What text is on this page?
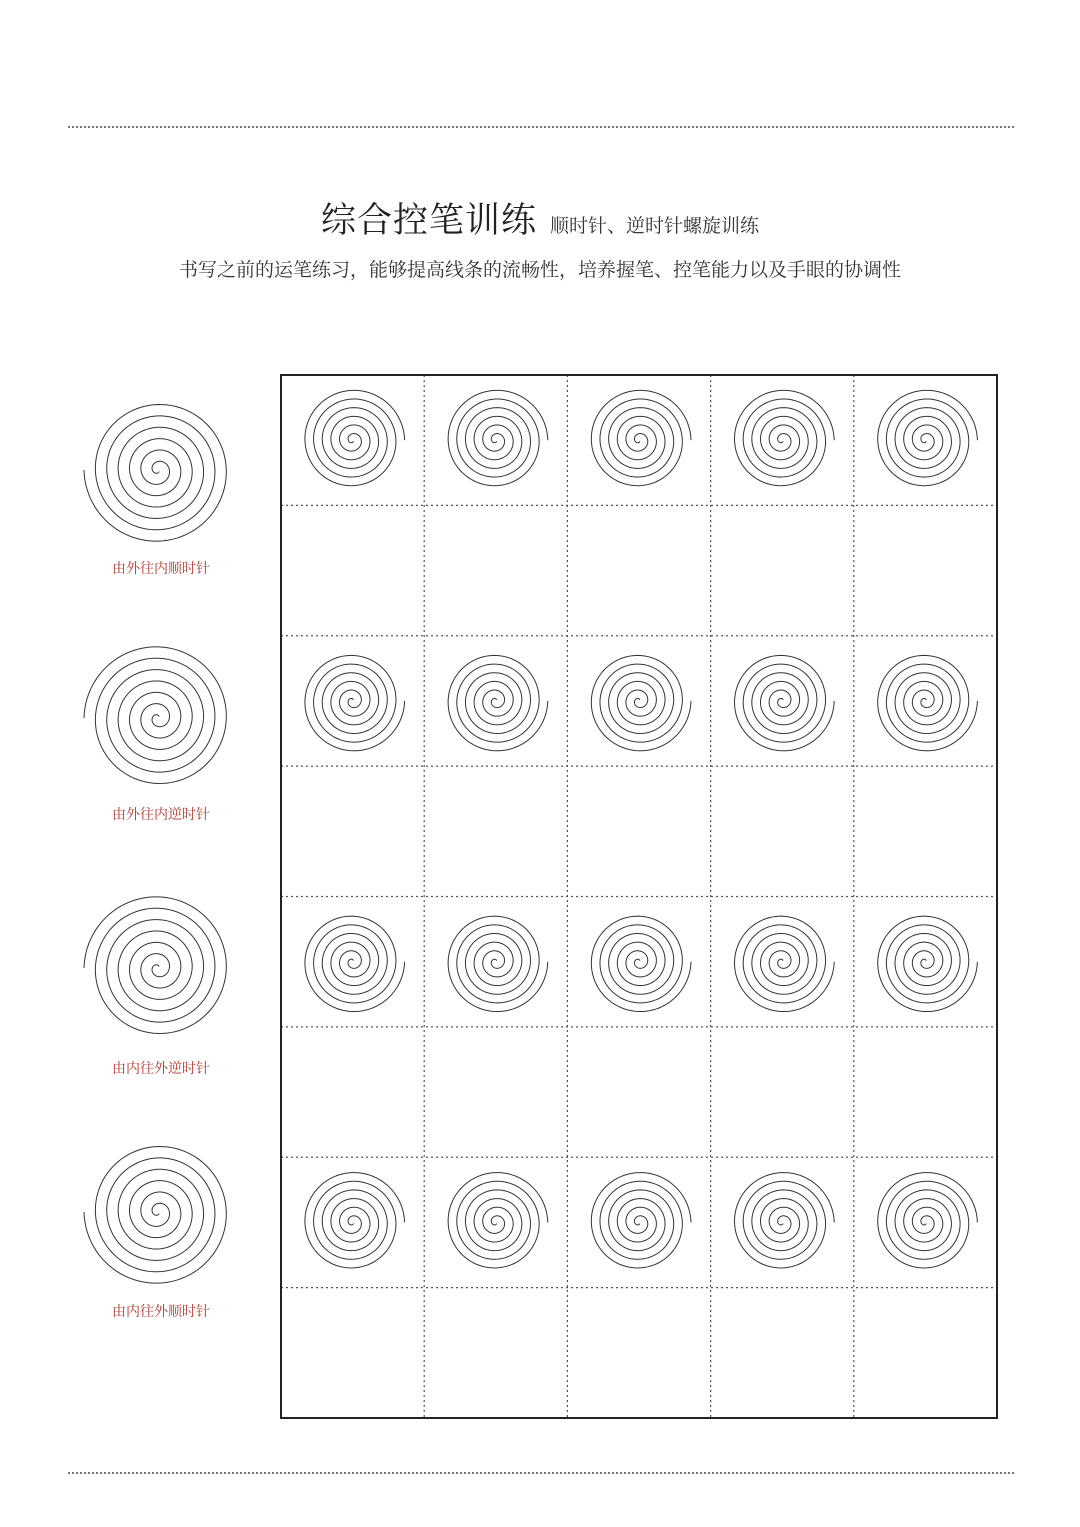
综合控笔训练 顺时针、逆时针螺旋训练
书写之前的运笔练习，能够提高线条的流畅性，培养握笔、控笔能力以及手眼的协调性
由外往内顺时针
由外往内逆时针
由内往外逆时针
由内往外顺时针
